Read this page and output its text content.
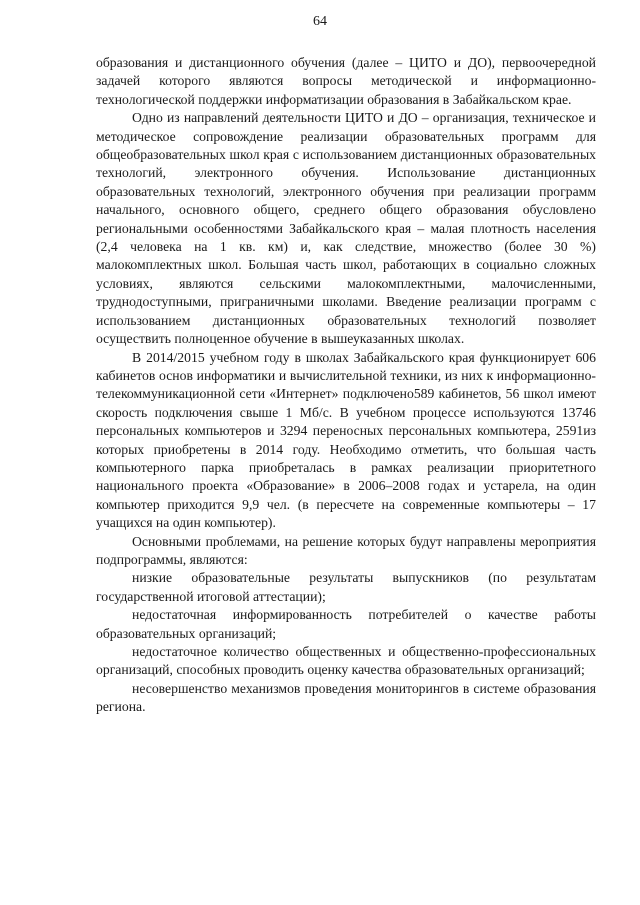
64

образования и дистанционного обучения (далее – ЦИТО и ДО), первоочередной задачей которого являются вопросы методической и информационно-технологической поддержки информатизации образования в Забайкальском крае.

Одно из направлений деятельности ЦИТО и ДО – организация, техническое и методическое сопровождение реализации образовательных программ для общеобразовательных школ края с использованием дистанционных образовательных технологий, электронного обучения. Использование дистанционных образовательных технологий, электронного обучения при реализации программ начального, основного общего, среднего общего образования обусловлено региональными особенностями Забайкальского края – малая плотность населения (2,4 человека на 1 кв. км) и, как следствие, множество (более 30 %) малокомплектных школ. Большая часть школ, работающих в социально сложных условиях, являются сельскими малокомплектными, малочисленными, труднодоступными, приграничными школами. Введение реализации программ с использованием дистанционных образовательных технологий позволяет осуществить полноценное обучение в вышеуказанных школах.

В 2014/2015 учебном году в школах Забайкальского края функционирует 606 кабинетов основ информатики и вычислительной техники, из них к информационно-телекоммуникационной сети «Интернет» подключено589 кабинетов, 56 школ имеют скорость подключения свыше 1 Мб/с. В учебном процессе используются 13746 персональных компьютеров и 3294 переносных персональных компьютера, 2591из которых приобретены в 2014 году. Необходимо отметить, что большая часть компьютерного парка приобреталась в рамках реализации приоритетного национального проекта «Образование» в 2006–2008 годах и устарела, на один компьютер приходится 9,9 чел. (в пересчете на современные компьютеры – 17 учащихся на один компьютер).

Основными проблемами, на решение которых будут направлены мероприятия подпрограммы, являются:

низкие образовательные результаты выпускников (по результатам государственной итоговой аттестации);

недостаточная информированность потребителей о качестве работы образовательных организаций;

недостаточное количество общественных и общественно-профессиональных организаций, способных проводить оценку качества образовательных организаций;

несовершенство механизмов проведения мониторингов в системе образования региона.
